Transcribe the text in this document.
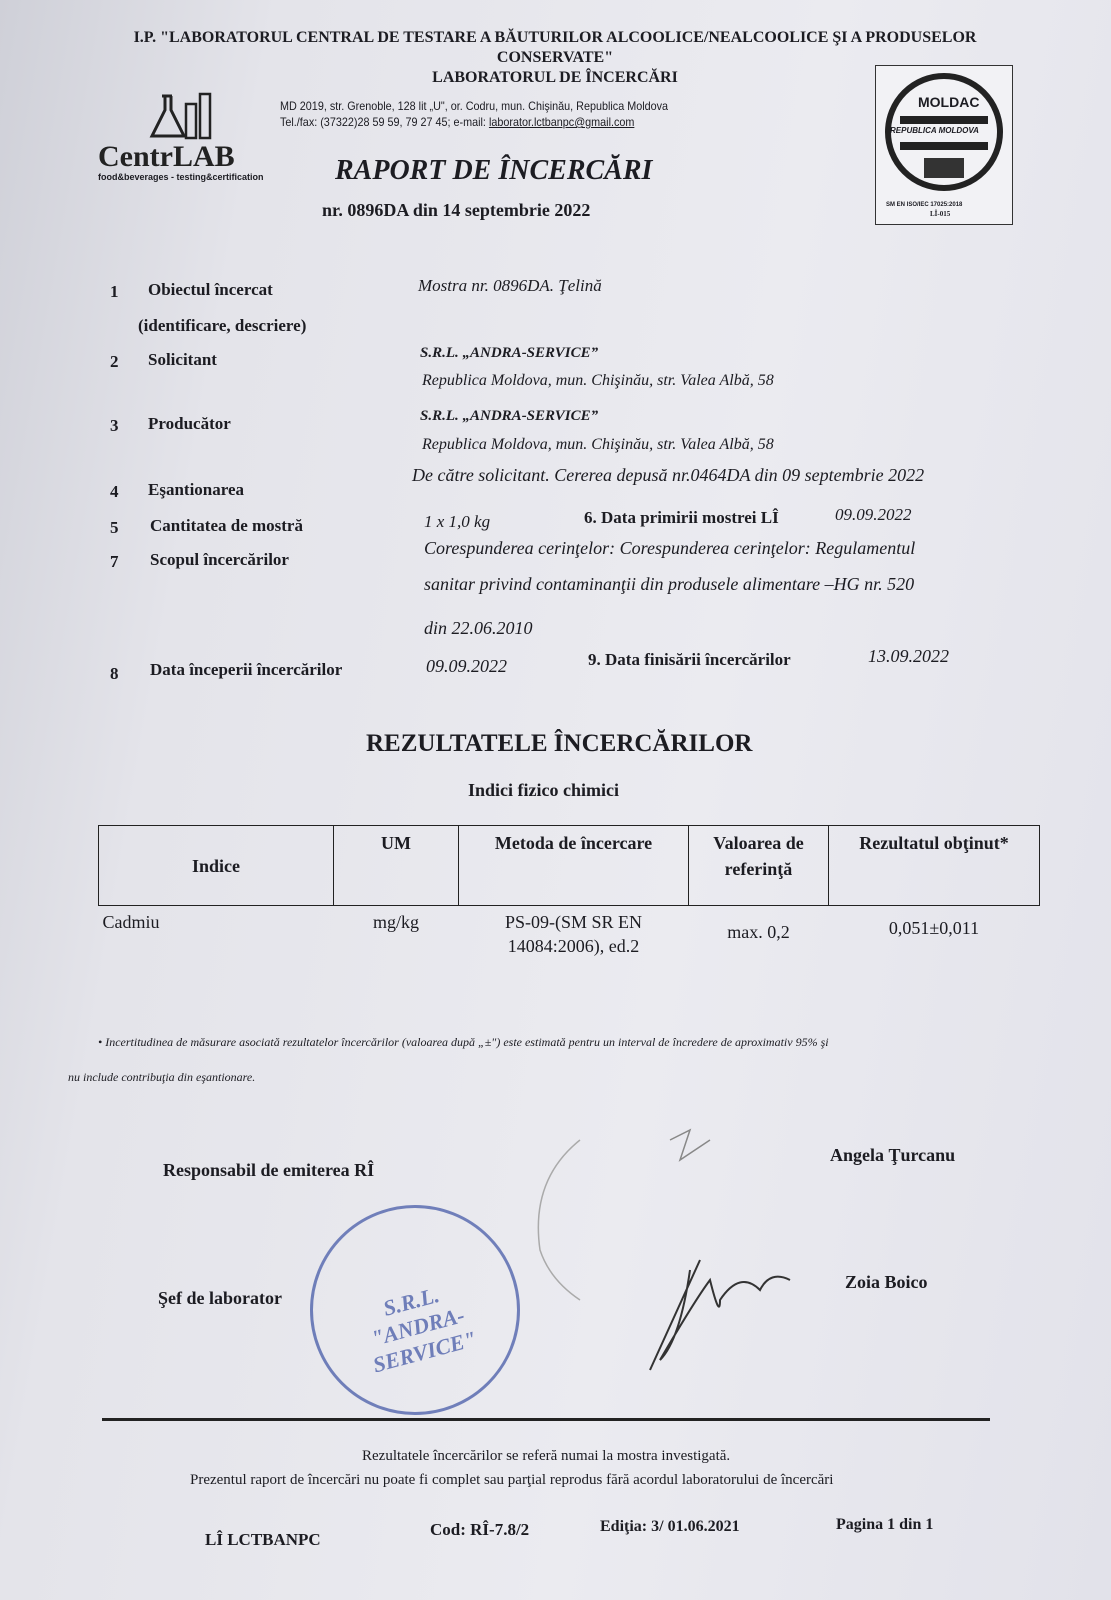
I.P. "LABORATORUL CENTRAL DE TESTARE A BĂUTURILOR ALCOOLICE/NEALCOOLICE ŞI A PRODUSELOR
CONSERVATE"
LABORATORUL DE ÎNCERCĂRI
MD 2019, str. Grenoble, 128 lit „U", or. Codru, mun. Chişinău, Republica Moldova
Tel./fax: (37322)28 59 59, 79 27 45; e-mail: laborator.lctbanpc@gmail.com
CentrLAB
food&beverages - testing&certification
MOLDAC
REPUBLICA MOLDOVA
SM EN ISO/IEC 17025:2018
LÎ-015
RAPORT DE ÎNCERCĂRI
nr. 0896DA din 14 septembrie 2022
1 Obiectul încercat
(identificare, descriere)
Mostra nr. 0896DA. Ţelină
2 Solicitant	S.R.L. „ANDRA-SERVICE”
Republica Moldova, mun. Chişinău, str. Valea Albă, 58
3 Producător	S.R.L. „ANDRA-SERVICE”
Republica Moldova, mun. Chişinău, str. Valea Albă, 58
4 Eşantionarea
De către solicitant. Cererea depusă nr.0464DA din 09 septembrie 2022
5 Cantitatea de mostră	1 x 1,0 kg	6. Data primirii mostrei LÎ	09.09.2022
7 Scopul încercărilor
Corespunderea cerinţelor: Corespunderea cerinţelor: Regulamentul
sanitar privind contaminanţii din produsele alimentare –HG nr. 520
din 22.06.2010
8 Data începerii încercărilor	09.09.2022	9. Data finisării încercărilor	13.09.2022
REZULTATELE ÎNCERCĂRILOR
Indici fizico chimici
Indice	UM	Metoda de încercare	Valoarea de referinţă	Rezultatul obţinut*
Cadmiu	mg/kg	PS-09-(SM SR EN 14084:2006), ed.2	max. 0,2	0,051±0,011
• Incertitudinea de măsurare asociată rezultatelor încercărilor (valoarea după „±") este estimată pentru un interval de încredere de aproximativ 95% şi
nu include contribuţia din eşantionare.
Responsabil de emiterea RÎ
Angela Ţurcanu
Şef de laborator
Zoia Boico
S.R.L. "ANDRA-SERVICE"
Rezultatele încercărilor se referă numai la mostra investigată.
Prezentul raport de încercări nu poate fi complet sau parţial reprodus fără acordul laboratorului de încercări
LÎ LCTBANPC
Cod: RÎ-7.8/2	Ediţia: 3/ 01.06.2021	Pagina 1 din 1
